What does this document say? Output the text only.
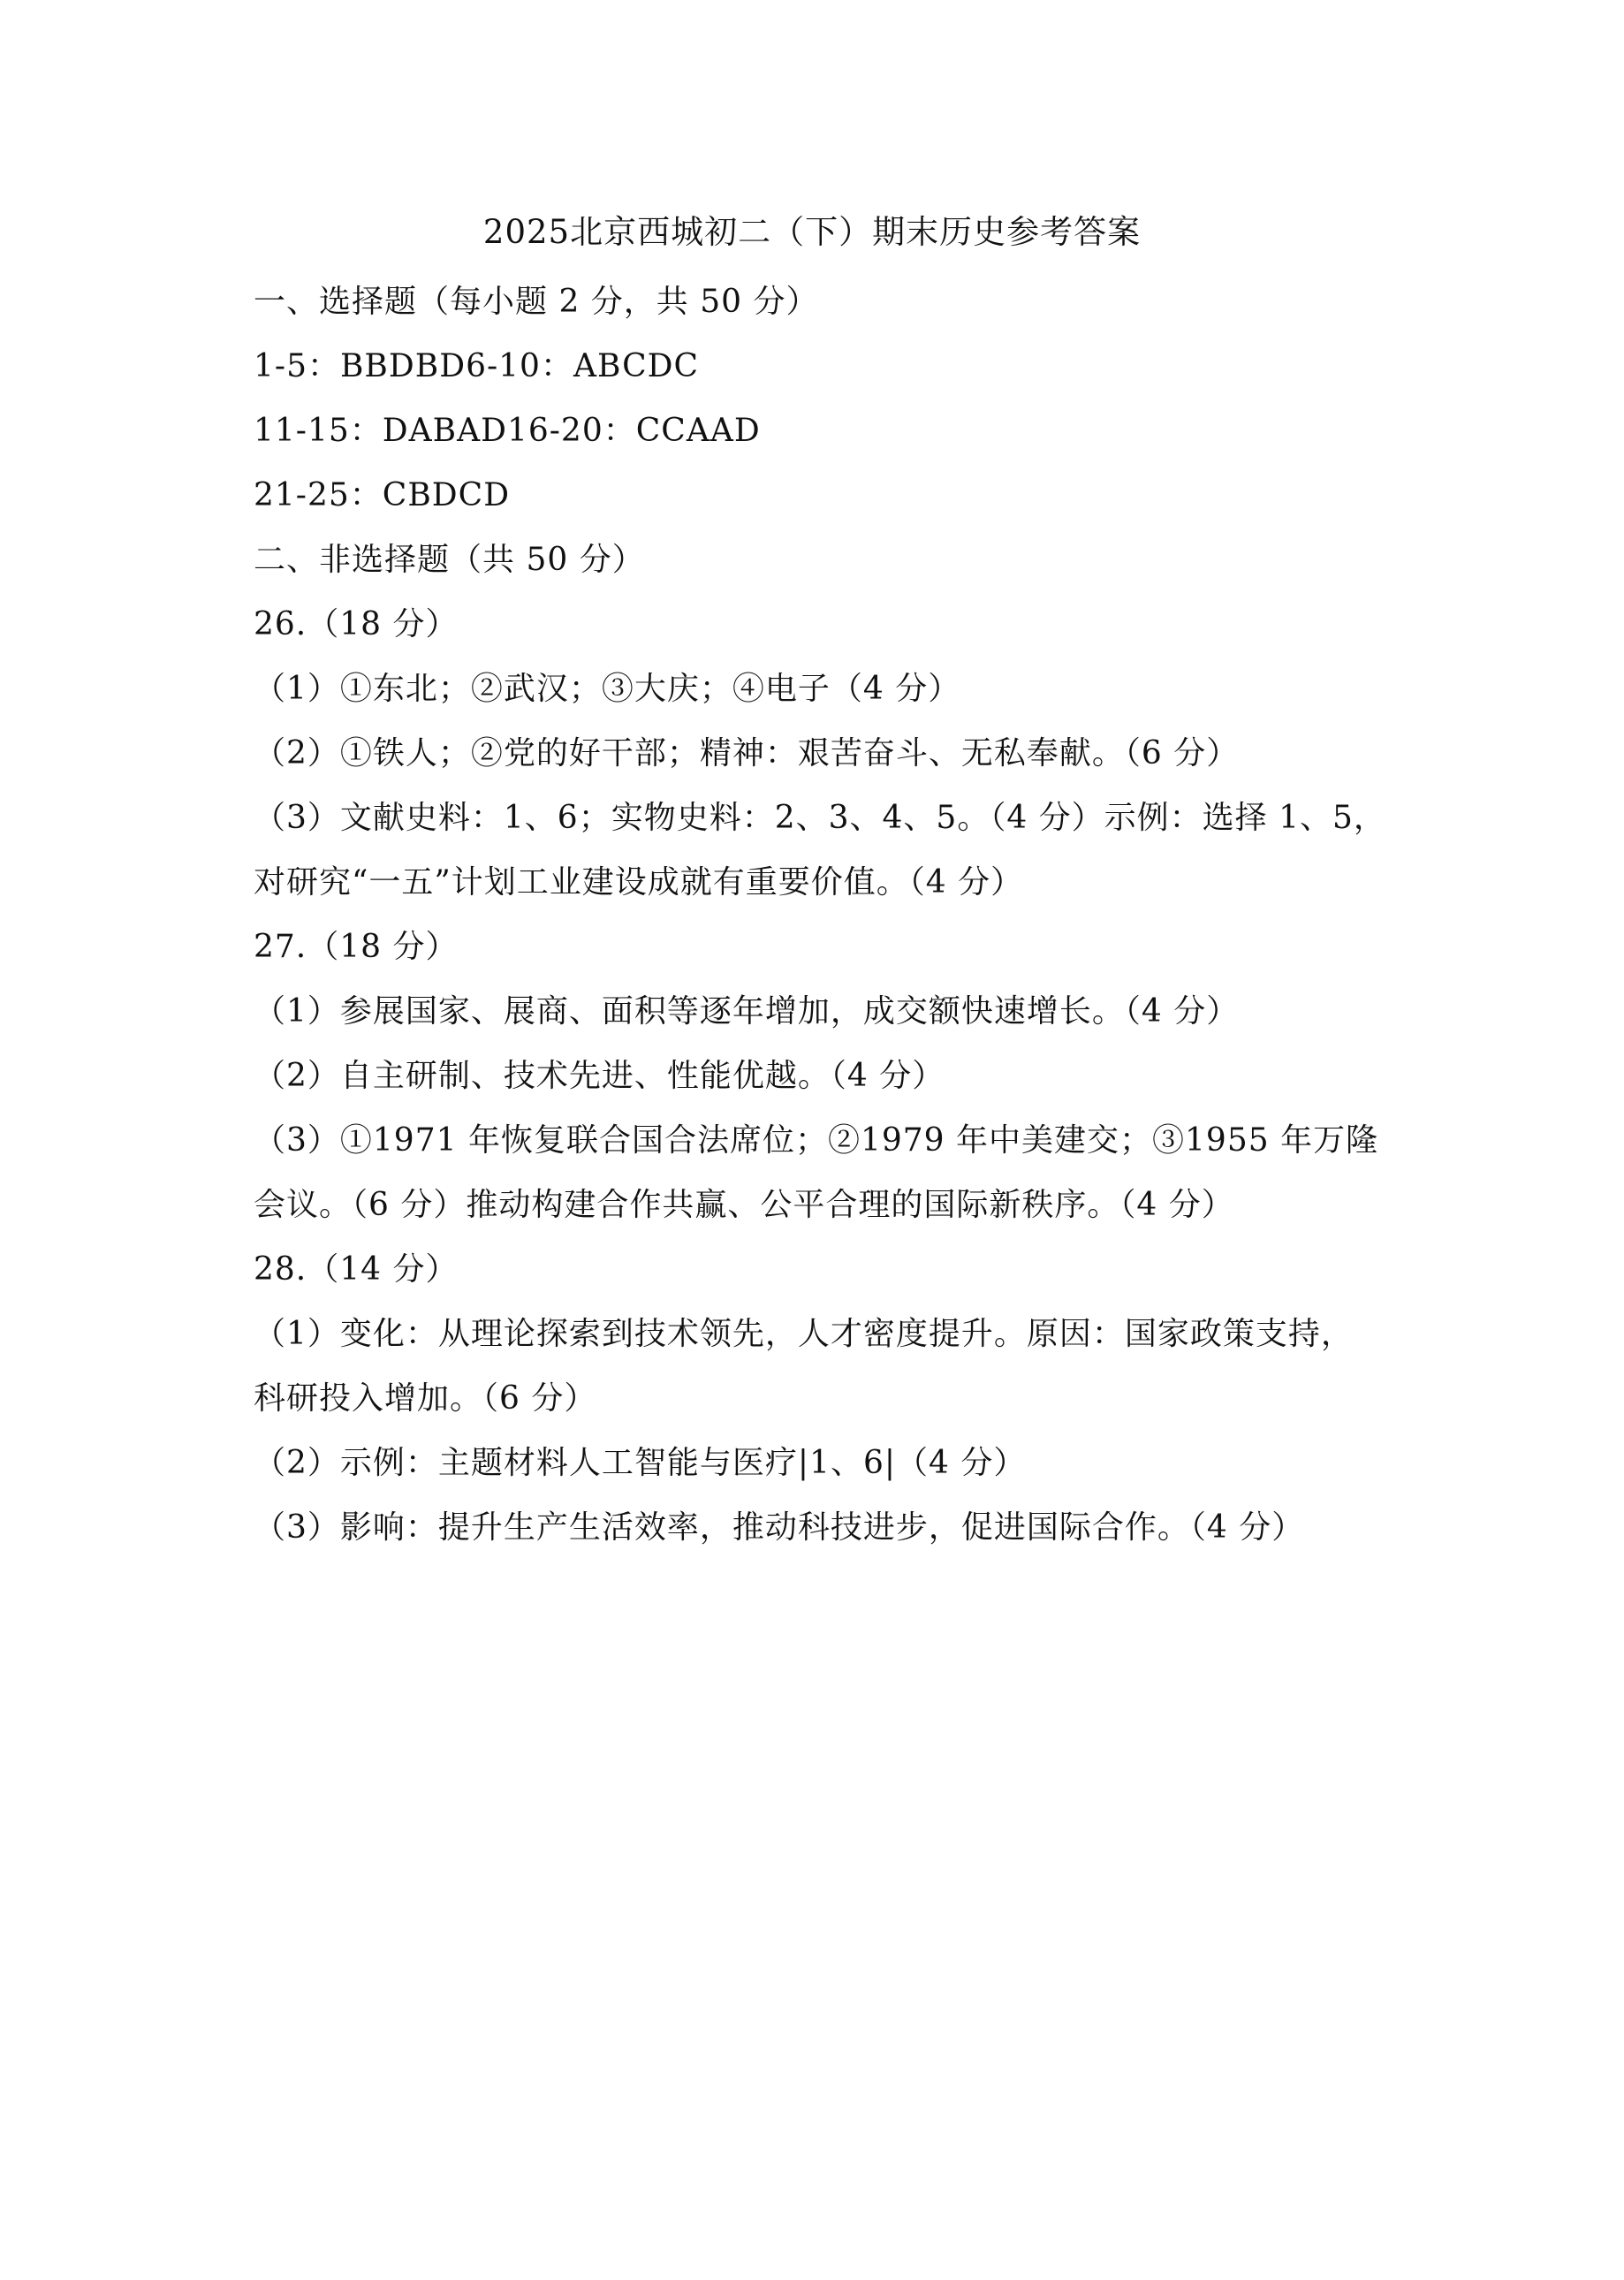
2025北京西城初二（下）期末历史参考答案
一、选择题（每小题 2 分，共 50 分）
1-5：BBDBD6-10：ABCDC
11-15：DABAD16-20：CCAAD
21-25：CBDCD
二、非选择题（共 50 分）
26.（18 分）
（1）①东北；②武汉；③大庆；④电子（4 分）
（2）①铁人；②党的好干部；精神：艰苦奋斗、无私奉献。（6 分）
（3）文献史料：1、6；实物史料：2、3、4、5。（4 分）示例：选择 1、5，
对研究“一五”计划工业建设成就有重要价值。（4 分）
27.（18 分）
（1）参展国家、展商、面积等逐年增加，成交额快速增长。（4 分）
（2）自主研制、技术先进、性能优越。（4 分）
（3）①1971 年恢复联合国合法席位；②1979 年中美建交；③1955 年万隆
会议。（6 分）推动构建合作共赢、公平合理的国际新秩序。（4 分）
28.（14 分）
（1）变化：从理论探索到技术领先，人才密度提升。原因：国家政策支持，
科研投入增加。（6 分）
（2）示例：主题材料人工智能与医疗|1、6|（4 分）
（3）影响：提升生产生活效率，推动科技进步，促进国际合作。（4 分）
